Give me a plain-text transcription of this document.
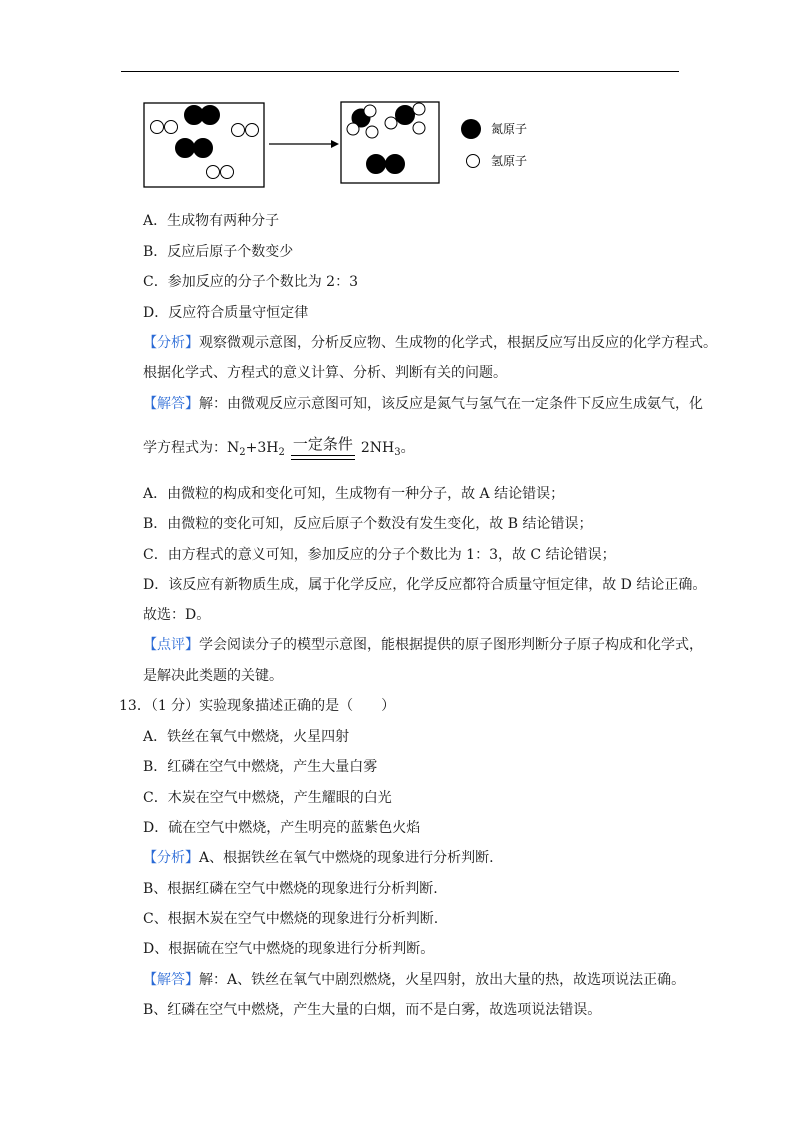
氮原子
氢原子
A．生成物有两种分子
B．反应后原子个数变少
C．参加反应的分子个数比为 2：3
D．反应符合质量守恒定律
【分析】观察微观示意图，分析反应物、生成物的化学式，根据反应写出反应的化学方程式。
根据化学式、方程式的意义计算、分析、判断有关的问题。
【解答】解：由微观反应示意图可知，该反应是氮气与氢气在一定条件下反应生成氨气，化
学方程式为：$N_2+3H_2$ 一定条件 $2NH_3$。
A．由微粒的构成和变化可知，生成物有一种分子，故 A 结论错误；
B．由微粒的变化可知，反应后原子个数没有发生变化，故 B 结论错误；
C．由方程式的意义可知，参加反应的分子个数比为 1：3，故 C 结论错误；
D．该反应有新物质生成，属于化学反应，化学反应都符合质量守恒定律，故 D 结论正确。
故选：D。
【点评】学会阅读分子的模型示意图，能根据提供的原子图形判断分子原子构成和化学式，
是解决此类题的关键。
13．（1 分）实验现象描述正确的是（　　）
A．铁丝在氧气中燃烧，火星四射
B．红磷在空气中燃烧，产生大量白雾
C．木炭在空气中燃烧，产生耀眼的白光
D．硫在空气中燃烧，产生明亮的蓝紫色火焰
【分析】A、根据铁丝在氧气中燃烧的现象进行分析判断.
B、根据红磷在空气中燃烧的现象进行分析判断.
C、根据木炭在空气中燃烧的现象进行分析判断.
D、根据硫在空气中燃烧的现象进行分析判断。
【解答】解：A、铁丝在氧气中剧烈燃烧，火星四射，放出大量的热，故选项说法正确。
B、红磷在空气中燃烧，产生大量的白烟，而不是白雾，故选项说法错误。
